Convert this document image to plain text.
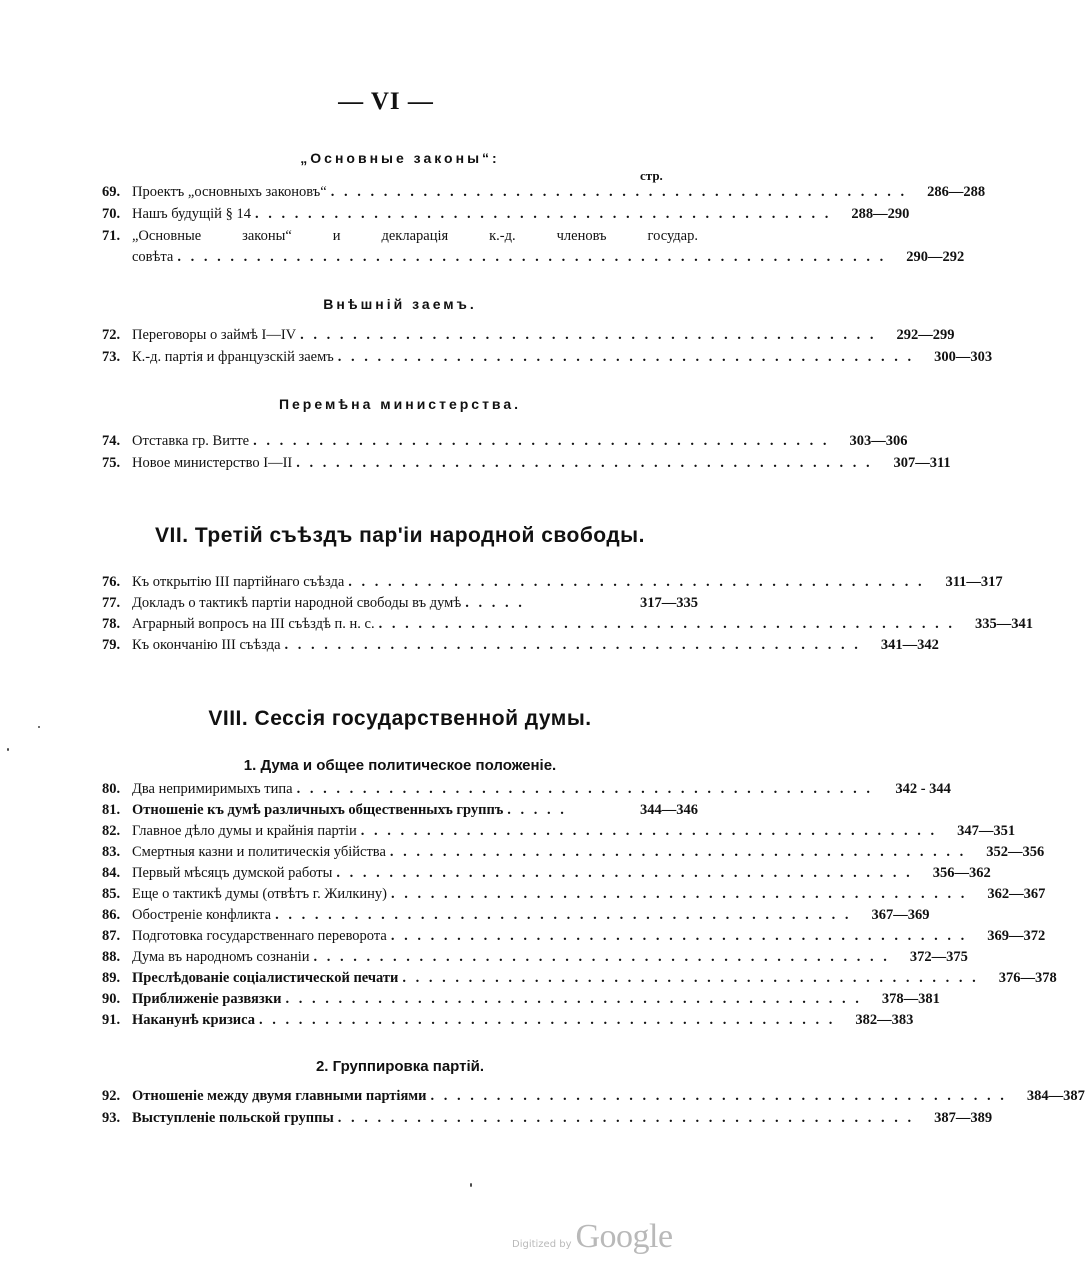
— VI —
„Основные законы“:
стр.
69. Проектъ „основныхъ законовъ“ . . . . . . . . . . . . . . . . . . . . . . . . . . . . . . . . . . . . . . . . . . . .	286—288
70. Нашъ будущій § 14 . . . . . . . . . . . . . . . . . . . . . . . . . . . . . . . . . . . . . . . . . . . .	288—290
71. „Основные законы“ и декларація к.-д. членовъ государ.
совѣта . . . . . . . . . . . . . . . . . . . . . . . . . . . . . . . . . . . . . . . . . . . . . . . . . . . . . .	290—292
Внѣшній заемъ.
72. Переговоры о займѣ I—IV . . . . . . . . . . . . . . . . . . . . . . . . . . . . . . . . . . . . . . . . . . . .	292—299
73. К.-д. партія и французскій заемъ . . . . . . . . . . . . . . . . . . . . . . . . . . . . . . . . . . . . . . . . . . . .	300—303
Перемѣна министерства.
74. Отставка гр. Витте . . . . . . . . . . . . . . . . . . . . . . . . . . . . . . . . . . . . . . . . . . . .	303—306
75. Новое министерство I—II . . . . . . . . . . . . . . . . . . . . . . . . . . . . . . . . . . . . . . . . . . . .	307—311
VII. Третій съѣздъ пар'іи народной свободы.
76. Къ открытію III партійнаго съѣзда . . . . . . . . . . . . . . . . . . . . . . . . . . . . . . . . . . . . . . . . . . . .	311—317
77. Докладъ о тактикѣ партіи народной свободы въ думѣ . . . . .	317—335
78. Аграрный вопросъ на III съѣздѣ п. н. с. . . . . . . . . . . . . . . . . . . . . . . . . . . . . . . . . . . . . . . . . . . . .	335—341
79. Къ окончанію III съѣзда . . . . . . . . . . . . . . . . . . . . . . . . . . . . . . . . . . . . . . . . . . . .	341—342
VIII. Сессія государственной думы.
1. Дума и общее политическое положеніе.
80. Два непримиримыхъ типа . . . . . . . . . . . . . . . . . . . . . . . . . . . . . . . . . . . . . . . . . . . .	342 - 344
81. Отношеніе къ думѣ различныхъ общественныхъ группъ . . . . .	344—346
82. Главное дѣло думы и крайнія партіи . . . . . . . . . . . . . . . . . . . . . . . . . . . . . . . . . . . . . . . . . . . .	347—351
83. Смертныя казни и политическія убійства . . . . . . . . . . . . . . . . . . . . . . . . . . . . . . . . . . . . . . . . . . . .	352—356
84. Первый мѣсяцъ думской работы . . . . . . . . . . . . . . . . . . . . . . . . . . . . . . . . . . . . . . . . . . . .	356—362
85. Еще о тактикѣ думы (отвѣтъ г. Жилкину) . . . . . . . . . . . . . . . . . . . . . . . . . . . . . . . . . . . . . . . . . . . .	362—367
86. Обостреніе конфликта . . . . . . . . . . . . . . . . . . . . . . . . . . . . . . . . . . . . . . . . . . . .	367—369
87. Подготовка государственнаго переворота . . . . . . . . . . . . . . . . . . . . . . . . . . . . . . . . . . . . . . . . . . . .	369—372
88. Дума въ народномъ сознаніи . . . . . . . . . . . . . . . . . . . . . . . . . . . . . . . . . . . . . . . . . . . .	372—375
89. Преслѣдованіе соціалистической печати . . . . . . . . . . . . . . . . . . . . . . . . . . . . . . . . . . . . . . . . . . . .	376—378
90. Приближеніе развязки . . . . . . . . . . . . . . . . . . . . . . . . . . . . . . . . . . . . . . . . . . . .	378—381
91. Наканунѣ кризиса . . . . . . . . . . . . . . . . . . . . . . . . . . . . . . . . . . . . . . . . . . . .	382—383
2. Группировка партій.
92. Отношеніе между двумя главными партіями . . . . . . . . . . . . . . . . . . . . . . . . . . . . . . . . . . . . . . . . . . . .	384—387
93. Выступленіе польской группы . . . . . . . . . . . . . . . . . . . . . . . . . . . . . . . . . . . . . . . . . . . .	387—389
Digitized by Google
